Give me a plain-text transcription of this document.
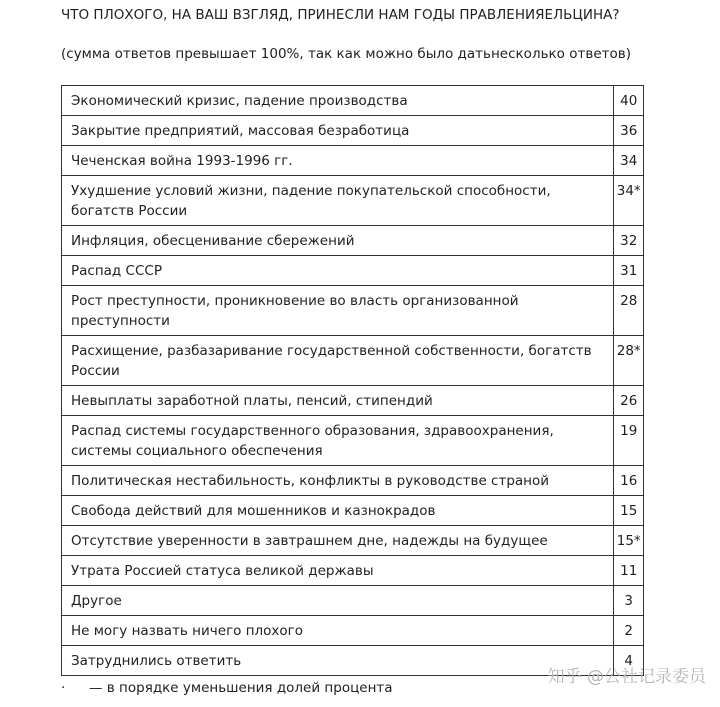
ЧТО ПЛОХОГО, НА ВАШ ВЗГЛЯД, ПРИНЕСЛИ НАМ ГОДЫ ПРАВЛЕНИЯЕЛЬЦИНА?
(сумма ответов превышает 100%, так как можно было датьнесколько ответов)
Экономический кризис, падение производства	40
Закрытие предприятий, массовая безработица	36
Чеченская война 1993-1996 гг.	34
Ухудшение условий жизни, падение покупательской способности, богатств России	34*
Инфляция, обесценивание сбережений	32
Распад СССР	31
Рост преступности, проникновение во власть организованной преступности	28
Расхищение, разбазаривание государственной собственности, богатств России	28*
Невыплаты заработной платы, пенсий, стипендий	26
Распад системы государственного образования, здравоохранения, системы социального обеспечения	19
Политическая нестабильность, конфликты в руководстве страной	16
Свобода действий для мошенников и казнокрадов	15
Отсутствие уверенности в завтрашнем дне, надежды на будущее	15*
Утрата Россией статуса великой державы	11
Другое	3
Не могу назвать ничего плохого	2
Затруднились ответить	4
· — в порядке уменьшения долей процента
知乎 @公社记录委员
